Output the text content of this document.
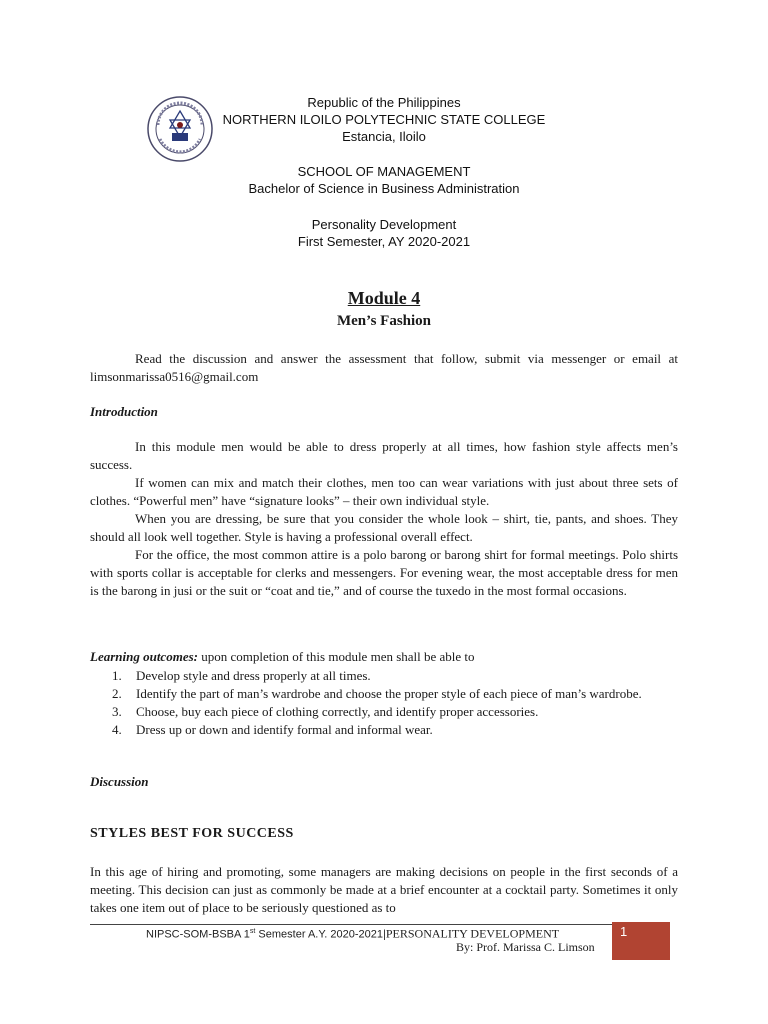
Republic of the Philippines
NORTHERN ILOILO POLYTECHNIC STATE COLLEGE
Estancia, Iloilo
SCHOOL OF MANAGEMENT
Bachelor of Science in Business Administration
Personality Development
First Semester, AY 2020-2021
Module 4
Men’s Fashion
Read the discussion and answer the assessment that follow, submit via messenger or email at limsonmarissa0516@gmail.com
Introduction
In this module men would be able to dress properly at all times, how fashion style affects men’s success.
If women can mix and match their clothes, men too can wear variations with just about three sets of clothes. “Powerful men” have “signature looks” – their own individual style.
When you are dressing, be sure that you consider the whole look – shirt, tie, pants, and shoes. They should all look well together. Style is having a professional overall effect.
For the office, the most common attire is a polo barong or barong shirt for formal meetings. Polo shirts with sports collar is acceptable for clerks and messengers. For evening wear, the most acceptable dress for men is the barong in jusi or the suit or “coat and tie,” and of course the tuxedo in the most formal occasions.
Learning outcomes: upon completion of this module men shall be able to
1. Develop style and dress properly at all times.
2. Identify the part of man’s wardrobe and choose the proper style of each piece of man’s wardrobe.
3. Choose, buy each piece of clothing correctly, and identify proper accessories.
4. Dress up or down and identify formal and informal wear.
Discussion
STYLES BEST FOR SUCCESS
In this age of hiring and promoting, some managers are making decisions on people in the first seconds of a meeting. This decision can just as commonly be made at a brief encounter at a cocktail party. Sometimes it only takes one item out of place to be seriously questioned as to
NIPSC-SOM-BSBA 1st Semester A.Y. 2020-2021|PERSONALITY DEVELOPMENT
By: Prof. Marissa C. Limson
1
